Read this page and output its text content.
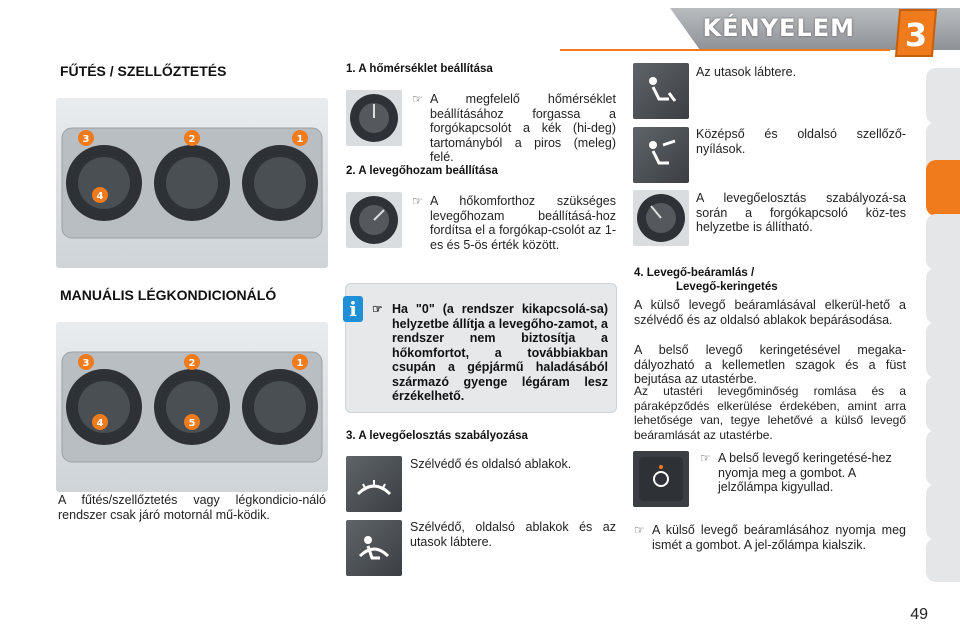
KÉNYELEM 3
FŰTÉS / SZELLŐZTETÉS
3	2	1
4
MANUÁLIS LÉGKONDICIONÁLÓ
3	2	1
4	5
A fűtés/szellőztetés vagy légkondicio-náló rendszer csak járó motornál mű-ködik.
1. A hőmérséklet beállítása
☞ A megfelelő hőmérséklet beállításához forgassa a forgókapcsolót a kék (hi-deg) tartományból a piros (meleg) felé.
2. A levegőhozam beállítása
☞ A hőkomforthoz szükséges levegőhozam beállításá-hoz fordítsa el a forgókap-csolót az 1-es és 5-ös érték között.
i	☞ Ha "0" (a rendszer kikapcsolá-sa) helyzetbe állítja a levegőho-zamot, a rendszer nem biztosítja a hőkomfortot, a továbbiakban csupán a gépjármű haladásából származó gyenge légáram lesz érzékelhető.
3. A levegőelosztás szabályozása
Szélvédő és oldalsó ablakok.
Szélvédő, oldalsó ablakok és az utasok lábtere.
Az utasok lábtere.
Középső és oldalsó szellőző-nyílások.
A levegőelosztás szabályozá-sa során a forgókapcsoló köz-tes helyzetbe is állítható.
4. Levegő-beáramlás /
Levegő-keringetés
A külső levegő beáramlásával elkerül-hető a szélvédő és az oldalsó ablakok bepárásodása.
A belső levegő keringetésével megaka-dályozható a kellemetlen szagok és a füst bejutása az utastérbe.
Az utastéri levegőminőség romlása és a páraképződés elkerülése érdekében, amint arra lehetősége van, tegye lehetővé a külső levegő beáramlását az utastérbe.
☞ A belső levegő keringetésé-hez nyomja meg a gombot. A jelzőlámpa kigyullad.
☞ A külső levegő beáramlásához nyomja meg ismét a gombot. A jel-zőlámpa kialszik.
49
